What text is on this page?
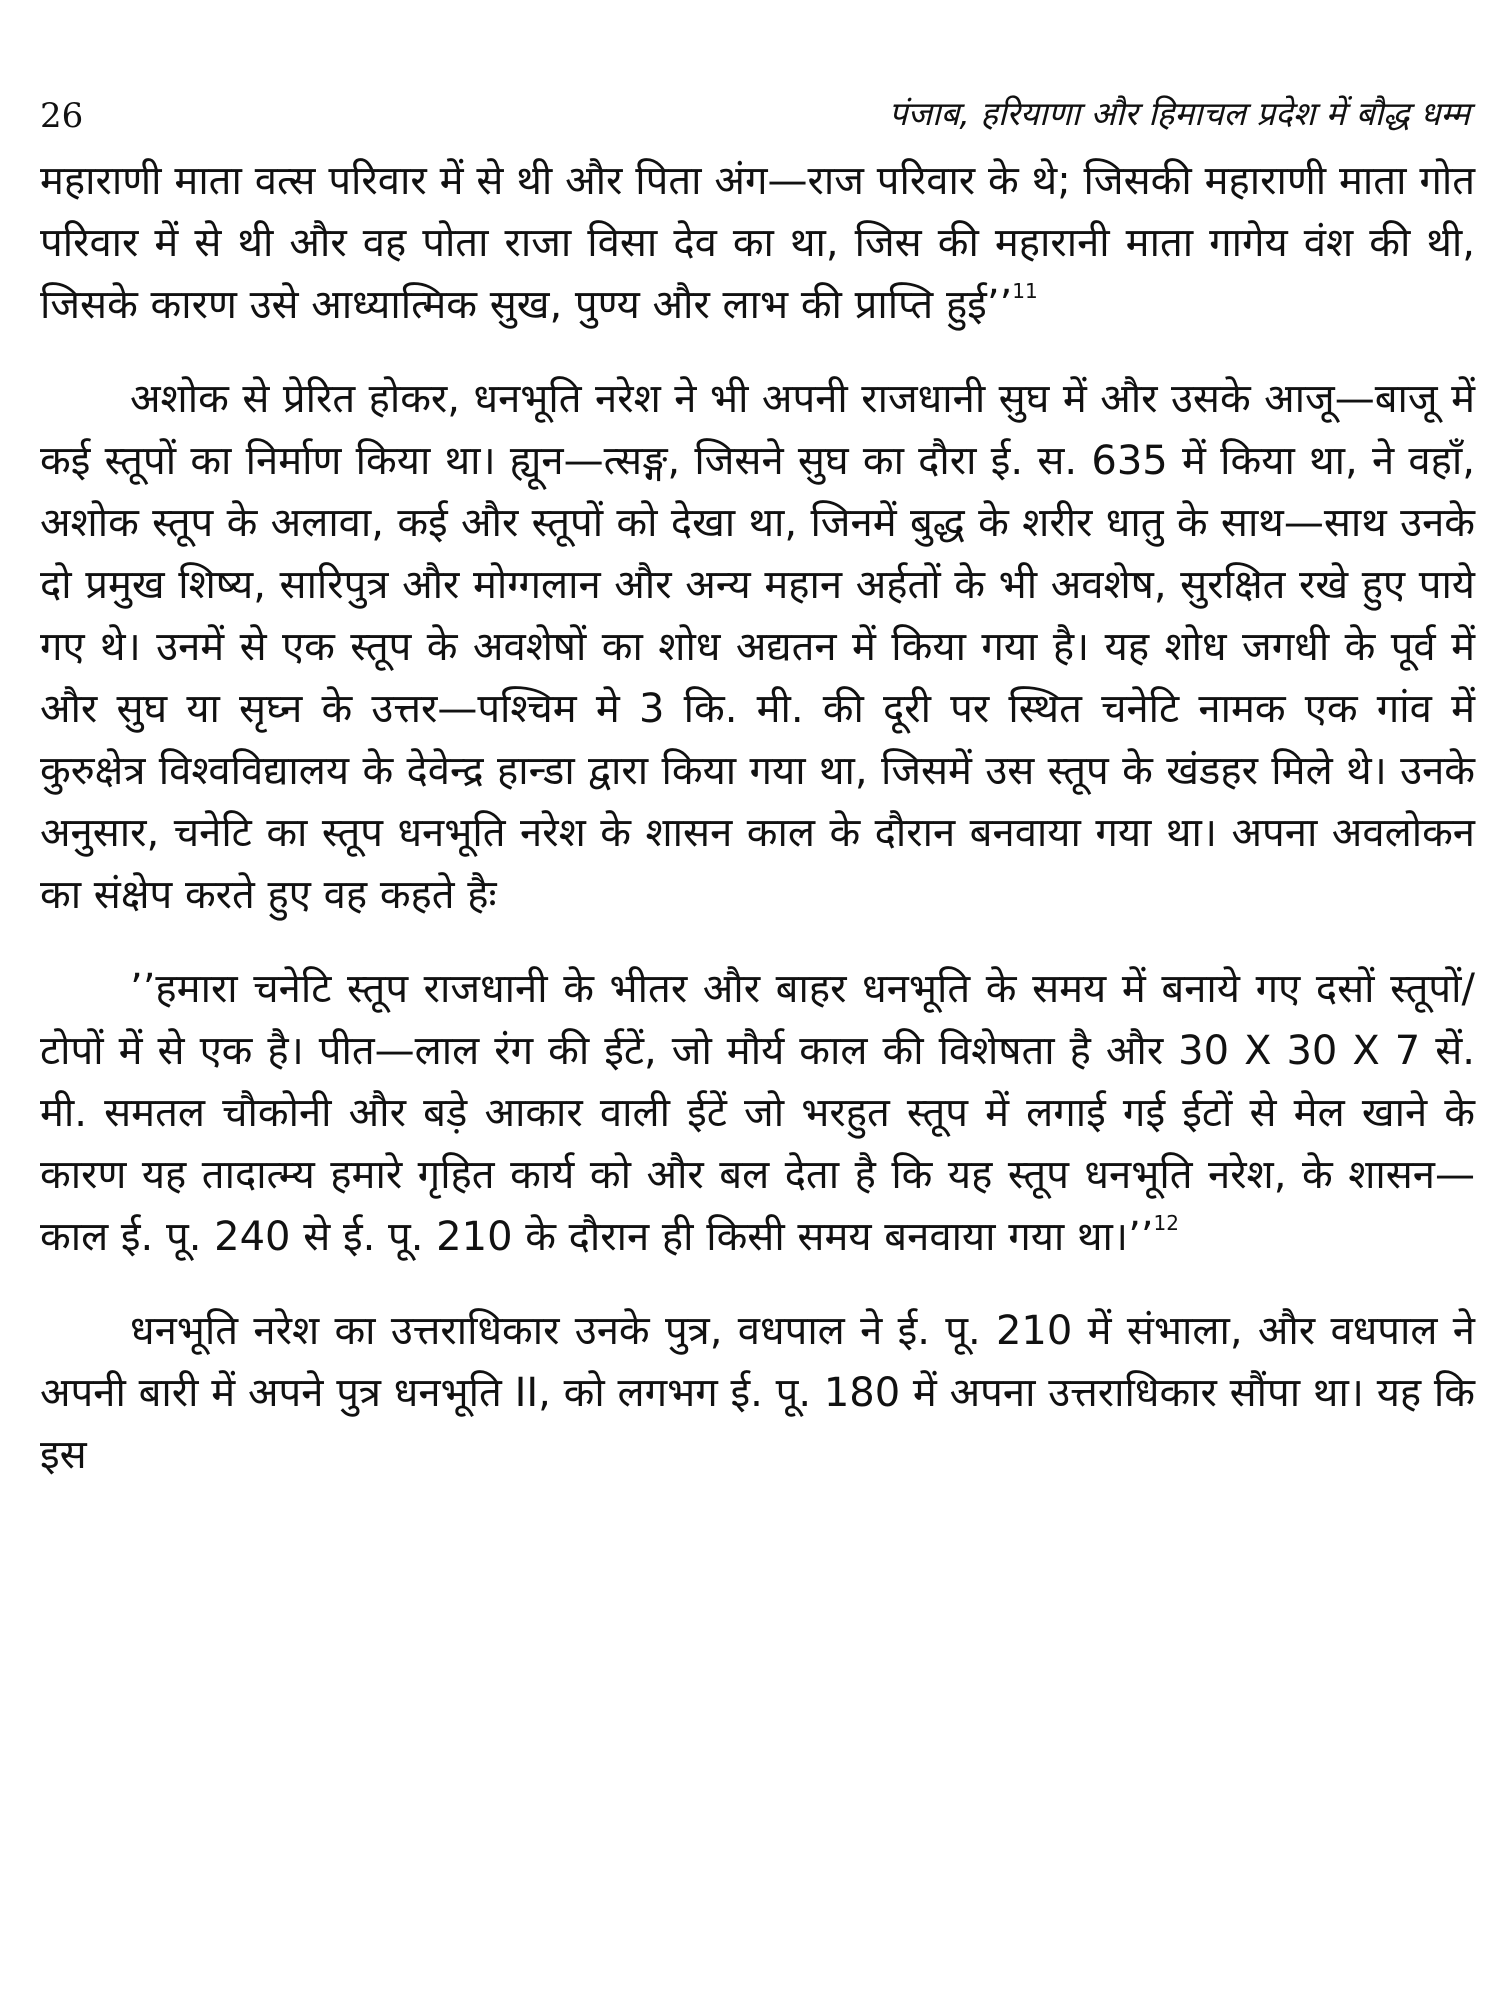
26	पंजाब, हरियाणा और हिमाचल प्रदेश में बौद्ध धम्म

महाराणी माता वत्स परिवार में से थी और पिता अंग—राज परिवार के थे; जिसकी महाराणी माता गोत परिवार में से थी और वह पोता राजा विसा देव का था, जिस की महारानी माता गागेय वंश की थी, जिसके कारण उसे आध्यात्मिक सुख, पुण्य और लाभ की प्राप्ति हुई’’$^{11}$

अशोक से प्रेरित होकर, धनभूति नरेश ने भी अपनी राजधानी सुघ में और उसके आजू—बाजू में कई स्तूपों का निर्माण किया था। ह्यून—त्सङ्ग, जिसने सुघ का दौरा ई. स. 635 में किया था, ने वहाँ, अशोक स्तूप के अलावा, कई और स्तूपों को देखा था, जिनमें बुद्ध के शरीर धातु के साथ—साथ उनके दो प्रमुख शिष्य, सारिपुत्र और मोग्गलान और अन्य महान अर्हतों के भी अवशेष, सुरक्षित रखे हुए पाये गए थे। उनमें से एक स्तूप के अवशेषों का शोध अद्यतन में किया गया है। यह शोध जगधी के पूर्व में और सुघ या सृघ्न के उत्तर—पश्चिम मे 3 कि. मी. की दूरी पर स्थित चनेटि नामक एक गांव में कुरुक्षेत्र विश्वविद्यालय के देवेन्द्र हान्डा द्वारा किया गया था, जिसमें उस स्तूप के खंडहर मिले थे। उनके अनुसार, चनेटि का स्तूप धनभूति नरेश के शासन काल के दौरान बनवाया गया था। अपना अवलोकन का संक्षेप करते हुए वह कहते हैः

’’हमारा चनेटि स्तूप राजधानी के भीतर और बाहर धनभूति के समय में बनाये गए दसों स्तूपों/टोपों में से एक है। पीत—लाल रंग की ईटें, जो मौर्य काल की विशेषता है और 30 X 30 X 7 सें. मी. समतल चौकोनी और बड़े आकार वाली ईटें जो भरहुत स्तूप में लगाई गई ईटों से मेल खाने के कारण यह तादात्म्य हमारे गृहित कार्य को और बल देता है कि यह स्तूप धनभूति नरेश, के शासन—काल ई. पू. 240 से ई. पू. 210 के दौरान ही किसी समय बनवाया गया था।’’$^{12}$

धनभूति नरेश का उत्तराधिकार उनके पुत्र, वधपाल ने ई. पू. 210 में संभाला, और वधपाल ने अपनी बारी में अपने पुत्र धनभूति II, को लगभग ई. पू. 180 में अपना उत्तराधिकार सौंपा था। यह कि इस
